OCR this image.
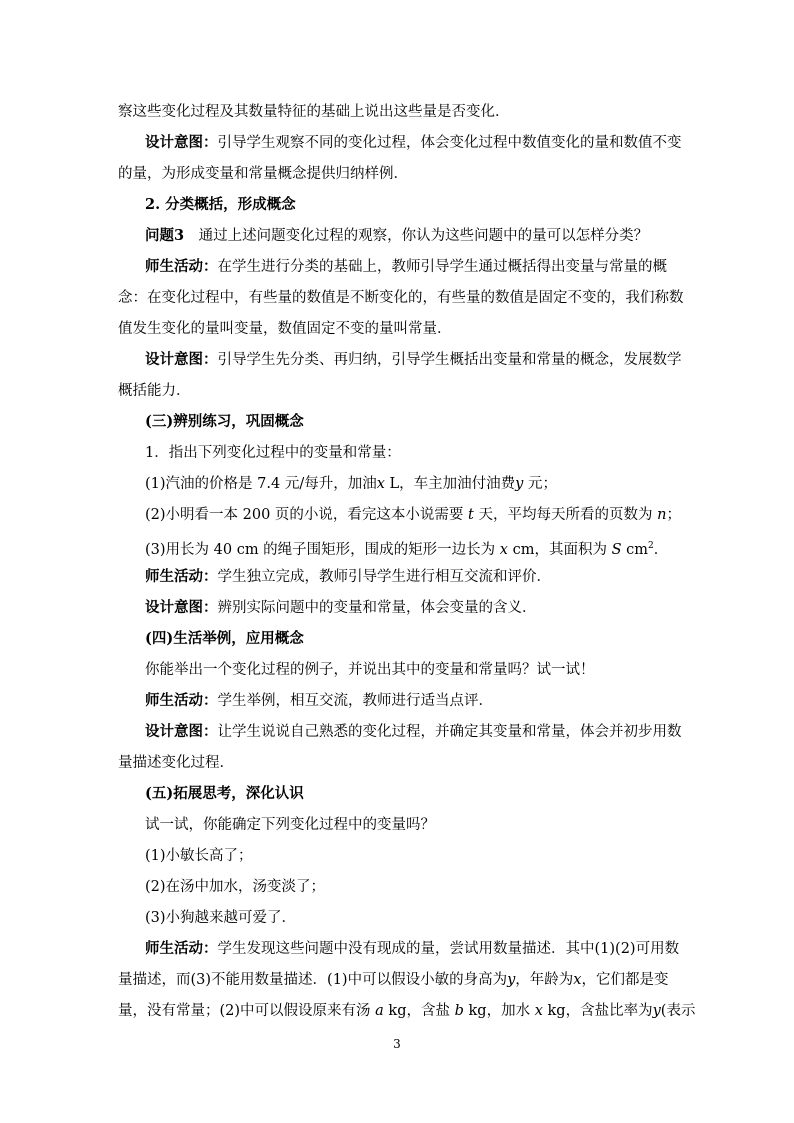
察这些变化过程及其数量特征的基础上说出这些量是否变化．
设计意图：引导学生观察不同的变化过程，体会变化过程中数值变化的量和数值不变
的量，为形成变量和常量概念提供归纳样例．
2. 分类概括，形成概念
问题3　通过上述问题变化过程的观察，你认为这些问题中的量可以怎样分类？
师生活动：在学生进行分类的基础上，教师引导学生通过概括得出变量与常量的概
念：在变化过程中，有些量的数值是不断变化的，有些量的数值是固定不变的，我们称数
值发生变化的量叫变量，数值固定不变的量叫常量．
设计意图：引导学生先分类、再归纳，引导学生概括出变量和常量的概念，发展数学
概括能力．
(三)辨别练习，巩固概念
1．指出下列变化过程中的变量和常量：
(1)汽油的价格是 7.4 元/每升，加油x L，车主加油付油费y 元；
(2)小明看一本 200 页的小说，看完这本小说需要 t 天，平均每天所看的页数为 n；
(3)用长为 40 cm 的绳子围矩形，围成的矩形一边长为 x cm，其面积为 S $cm^2$．
师生活动：学生独立完成，教师引导学生进行相互交流和评价．
设计意图：辨别实际问题中的变量和常量，体会变量的含义．
(四)生活举例，应用概念
你能举出一个变化过程的例子，并说出其中的变量和常量吗？试一试！
师生活动：学生举例，相互交流，教师进行适当点评．
设计意图：让学生说说自己熟悉的变化过程，并确定其变量和常量，体会并初步用数
量描述变化过程．
(五)拓展思考，深化认识
试一试，你能确定下列变化过程中的变量吗？
(1)小敏长高了；
(2)在汤中加水，汤变淡了；
(3)小狗越来越可爱了．
师生活动：学生发现这些问题中没有现成的量，尝试用数量描述．其中(1)(2)可用数
量描述，而(3)不能用数量描述．(1)中可以假设小敏的身高为y，年龄为x，它们都是变
量，没有常量；(2)中可以假设原来有汤 a kg，含盐 b kg，加水 x kg，含盐比率为y(表示
3
